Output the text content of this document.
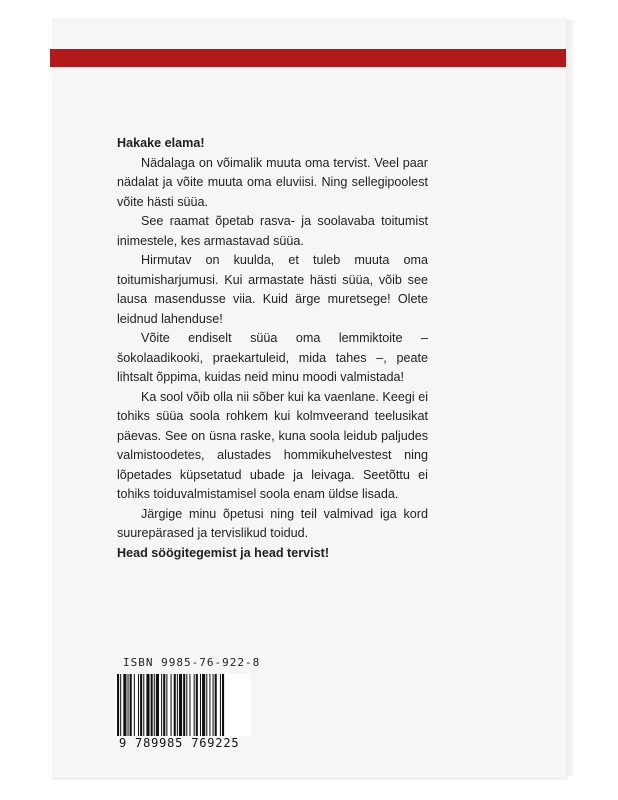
Hakake elama!

Nädalaga on võimalik muuta oma tervist. Veel paar nädalat ja võite muuta oma eluviisi. Ning sellegipoolest võite hästi süüa.

See raamat õpetab rasva- ja soolavaba toitumist inimestele, kes armastavad süüa.

Hirmutav on kuulda, et tuleb muuta oma toitumisharjumusi. Kui armastate hästi süüa, võib see lausa masendusse viia. Kuid ärge muretsege! Olete leidnud lahenduse!

Võite endiselt süüa oma lemmiktoite – šokolaadikooki, praekartuleid, mida tahes –, peate lihtsalt õppima, kuidas neid minu moodi valmistada!

Ka sool võib olla nii sõber kui ka vaenlane. Keegi ei tohiks süüa soola rohkem kui kolmveerand teelusikat päevas. See on üsna raske, kuna soola leidub paljudes valmistoodetes, alustades hommikuhelvestest ning lõpetades küpsetatud ubade ja leivaga. Seetõttu ei tohiks toiduvalmistamisel soola enam üldse lisada.

Järgige minu õpetusi ning teil valmivad iga kord suurepärased ja tervislikud toidud.

Head söögitegemist ja head tervist!

ISBN 9985-76-922-8
9 789985 769225
